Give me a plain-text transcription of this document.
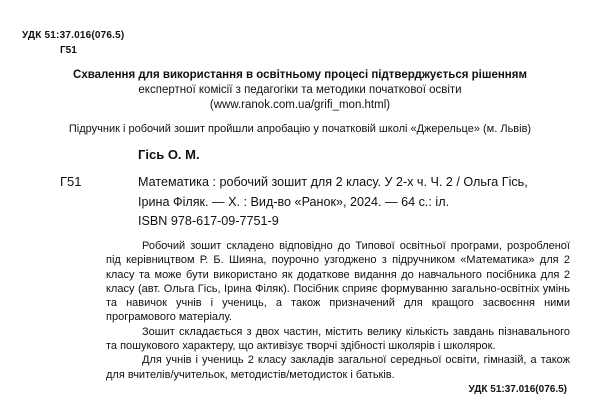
УДК 51:37.016(076.5)
Г51
Схвалення для використання в освітньому процесі підтверджується рішенням
експертної комісії з педагогіки та методики початкової освіти
(www.ranok.com.ua/grifi_mon.html)
Підручник і робочий зошит пройшли апробацію у початковій школі «Джерельце» (м. Львів)
Гісь О. М.
Г51	Математика : робочий зошит для 2 класу. У 2-х ч. Ч. 2 / Ольга Гісь,
Ірина Філяк. — Х. : Вид-во «Ранок», 2024. — 64 с.: іл.
ISBN 978-617-09-7751-9

Робочий зошит складено відповідно до Типової освітньої програми, розробленої під керівництвом Р. Б. Шияна, поурочно узгоджено з підручником «Математика» для 2 класу та може бути використано як додаткове видання до навчального посібника для 2 класу (авт. Ольга Гісь, Ірина Філяк). Посібник сприяє формуванню загально-освітніх умінь та навичок учнів і учениць, а також призначений для кращого засвоєння ними програмового матеріалу.

Зошит складається з двох частин, містить велику кількість завдань пізнавального та пошукового характеру, що активізує творчі здібності школярів і школярок.

Для учнів і учениць 2 класу закладів загальної середньої освіти, гімназій, а також для вчителів/учительок, методистів/методисток і батьків.

УДК 51:37.016(076.5)
